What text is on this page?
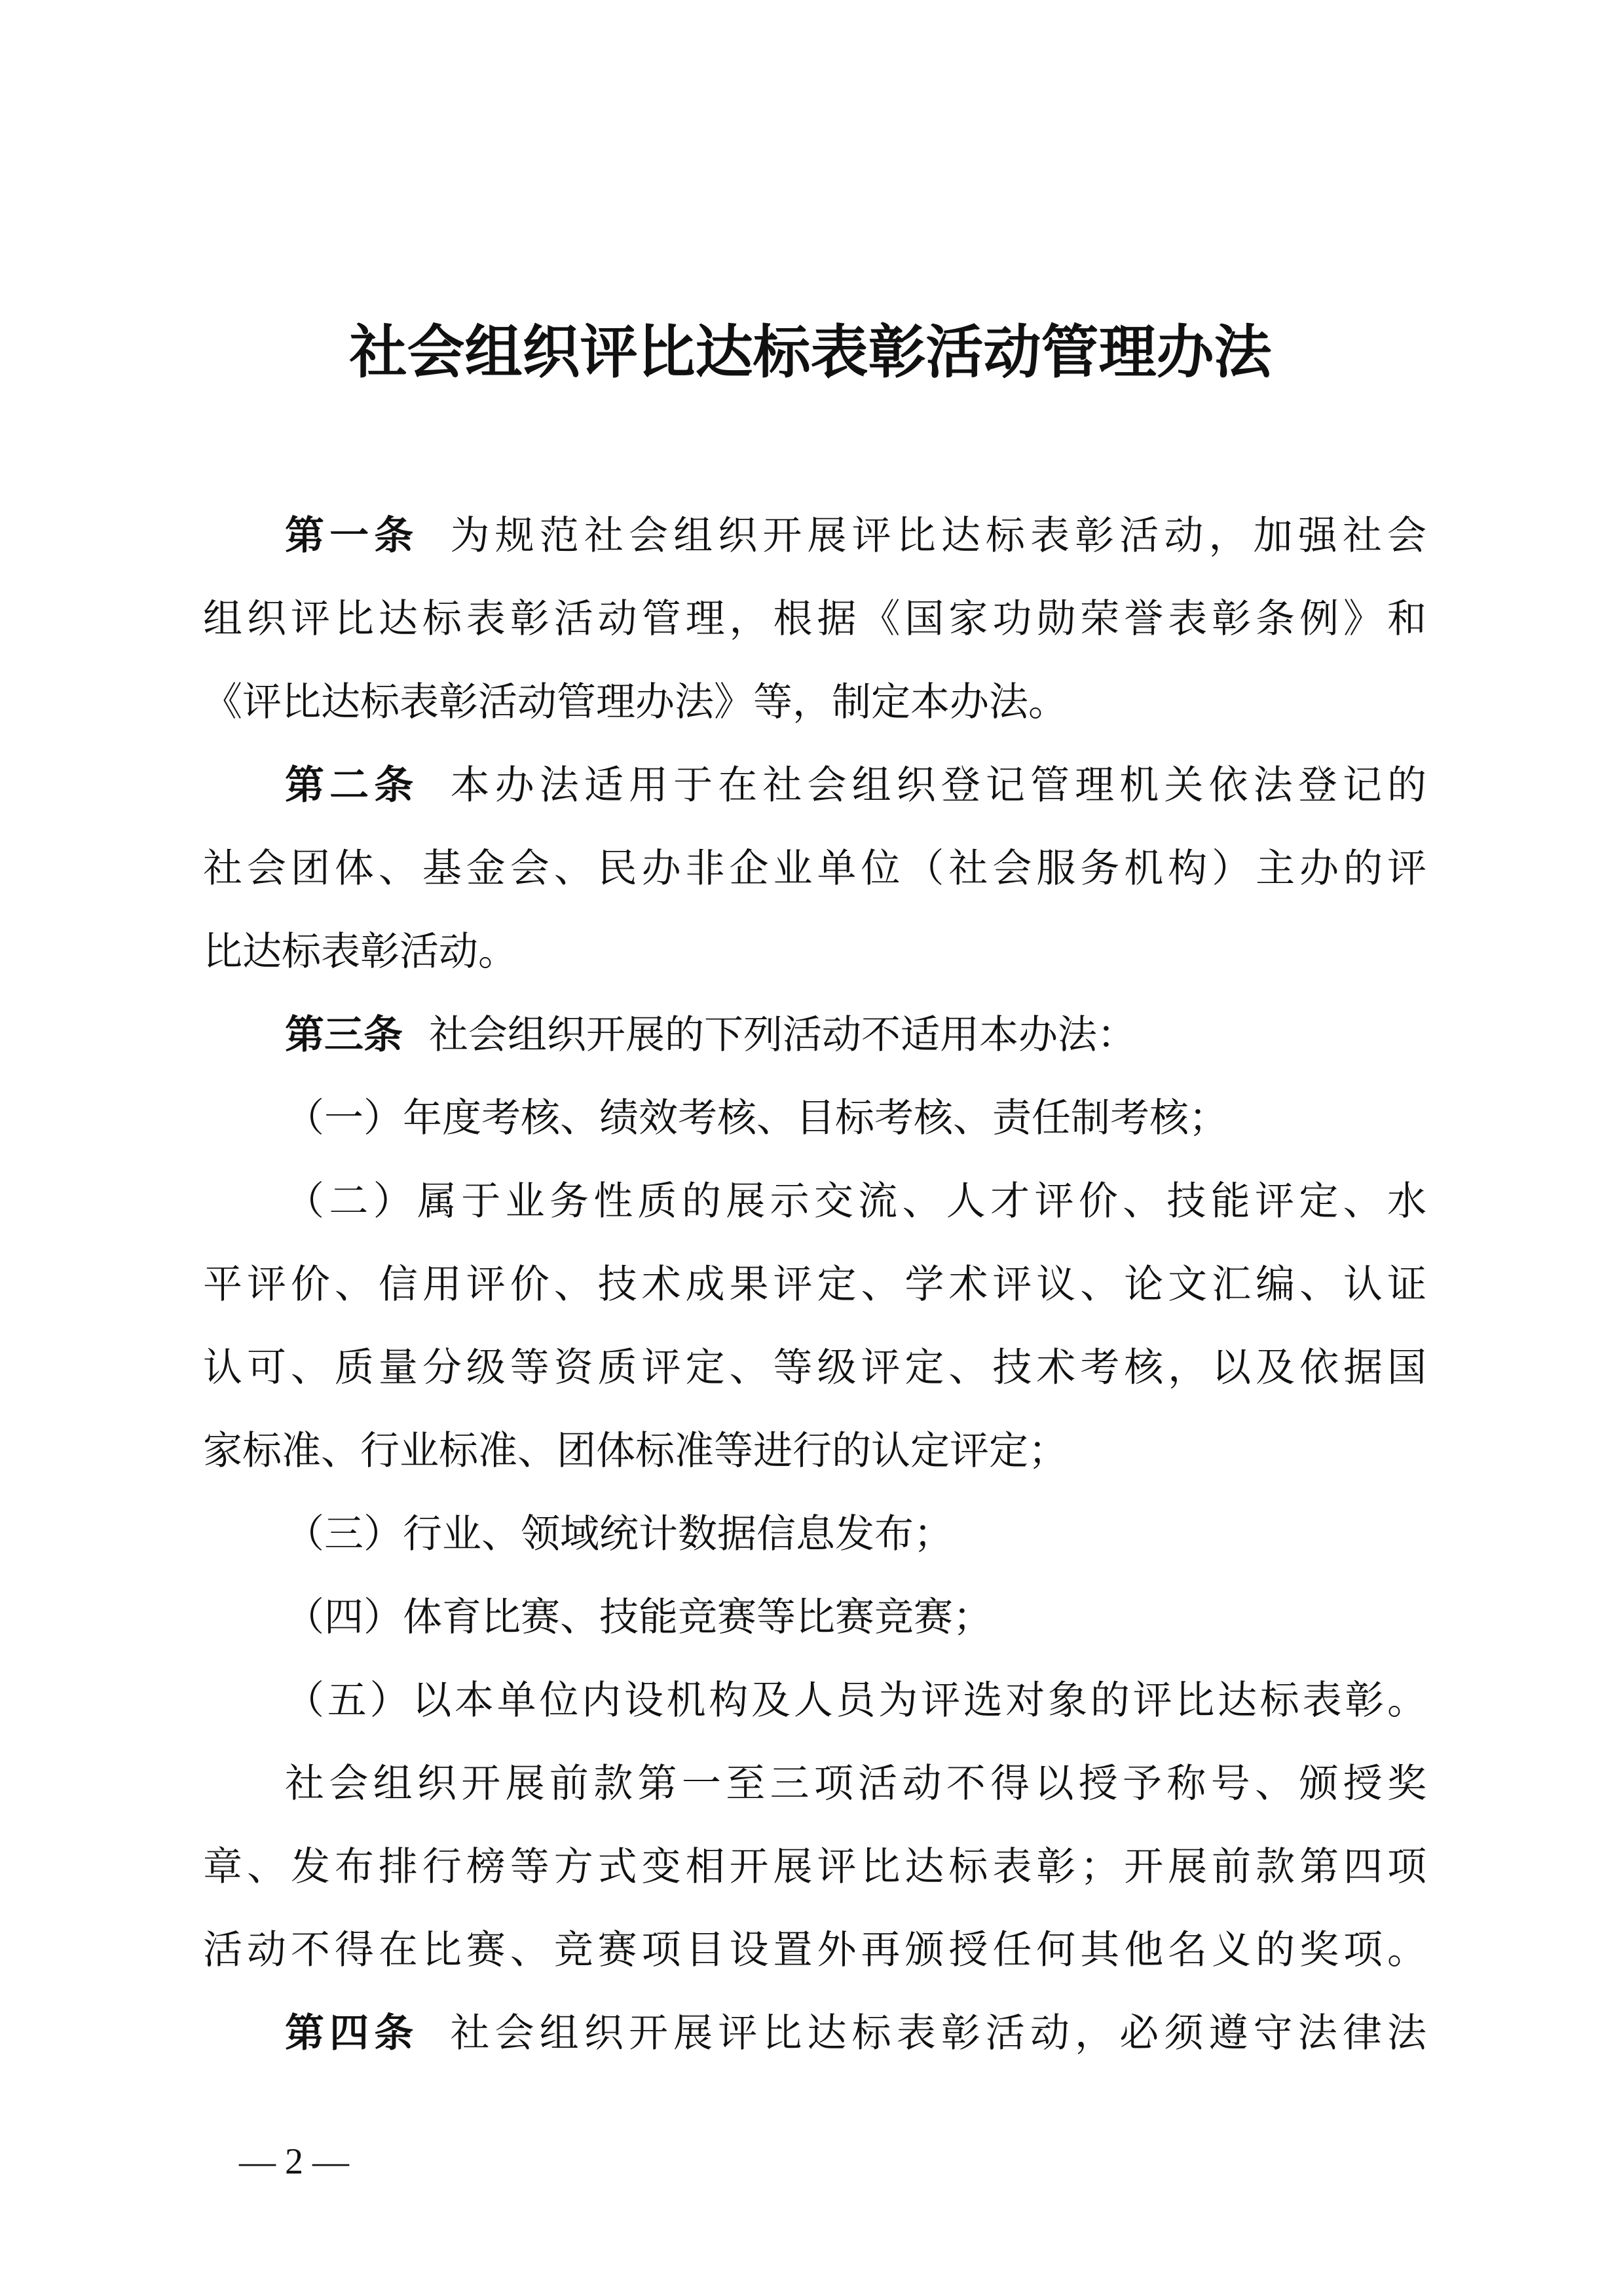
社会组织评比达标表彰活动管理办法
第一条 为规范社会组织开展评比达标表彰活动，加强社会
组织评比达标表彰活动管理，根据《国家功勋荣誉表彰条例》和
《评比达标表彰活动管理办法》等，制定本办法。
第二条 本办法适用于在社会组织登记管理机关依法登记的
社会团体、基金会、民办非企业单位（社会服务机构）主办的评
比达标表彰活动。
第三条 社会组织开展的下列活动不适用本办法：
（一）年度考核、绩效考核、目标考核、责任制考核；
（二）属于业务性质的展示交流、人才评价、技能评定、水
平评价、信用评价、技术成果评定、学术评议、论文汇编、认证
认可、质量分级等资质评定、等级评定、技术考核，以及依据国
家标准、行业标准、团体标准等进行的认定评定；
（三）行业、领域统计数据信息发布；
（四）体育比赛、技能竞赛等比赛竞赛；
（五）以本单位内设机构及人员为评选对象的评比达标表彰。
社会组织开展前款第一至三项活动不得以授予称号、颁授奖
章、发布排行榜等方式变相开展评比达标表彰；开展前款第四项
活动不得在比赛、竞赛项目设置外再颁授任何其他名义的奖项。
第四条 社会组织开展评比达标表彰活动，必须遵守法律法
— 2 —
